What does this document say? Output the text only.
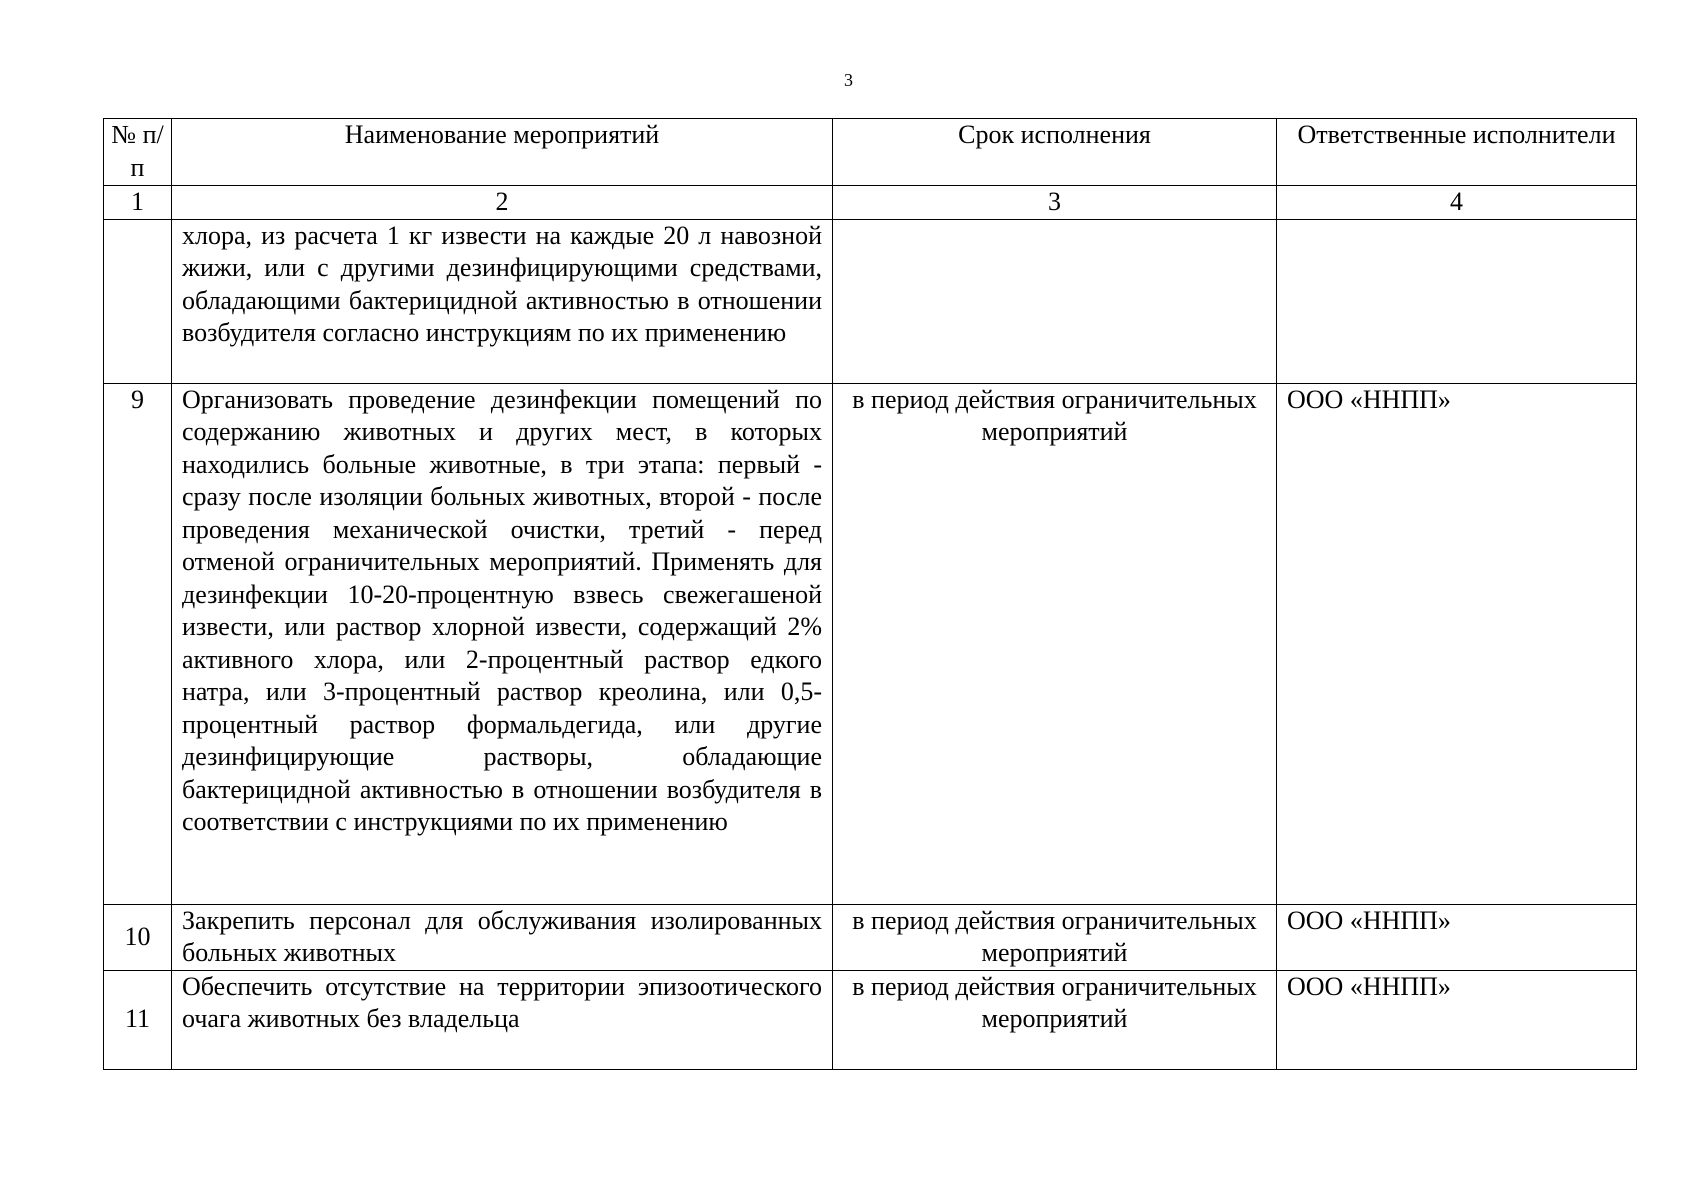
3
№ п/п	Наименование мероприятий	Срок исполнения	Ответственные исполнители
1	2	3	4
	хлора, из расчета 1 кг извести на каждые 20 л навозной жижи, или с другими дезинфицирующими средствами, обладающими бактерицидной активностью в отношении возбудителя согласно инструкциям по их применению		
9	Организовать проведение дезинфекции помещений по содержанию животных и других мест, в которых находились больные животные, в три этапа: первый - сразу после изоляции больных животных, второй - после проведения механической очистки, третий - перед отменой ограничительных мероприятий. Применять для дезинфекции 10-20-процентную взвесь свежегашеной извести, или раствор хлорной извести, содержащий 2% активного хлора, или 2-процентный раствор едкого натра, или 3-процентный раствор креолина, или 0,5-процентный раствор формальдегида, или другие дезинфицирующие растворы, обладающие бактерицидной активностью в отношении возбудителя в соответствии с инструкциями по их применению	в период действия ограничительных мероприятий	ООО «ННПП»
10	Закрепить персонал для обслуживания изолированных больных животных	в период действия ограничительных мероприятий	ООО «ННПП»
11	Обеспечить отсутствие на территории эпизоотического очага животных без владельца	в период действия ограничительных мероприятий	ООО «ННПП»
